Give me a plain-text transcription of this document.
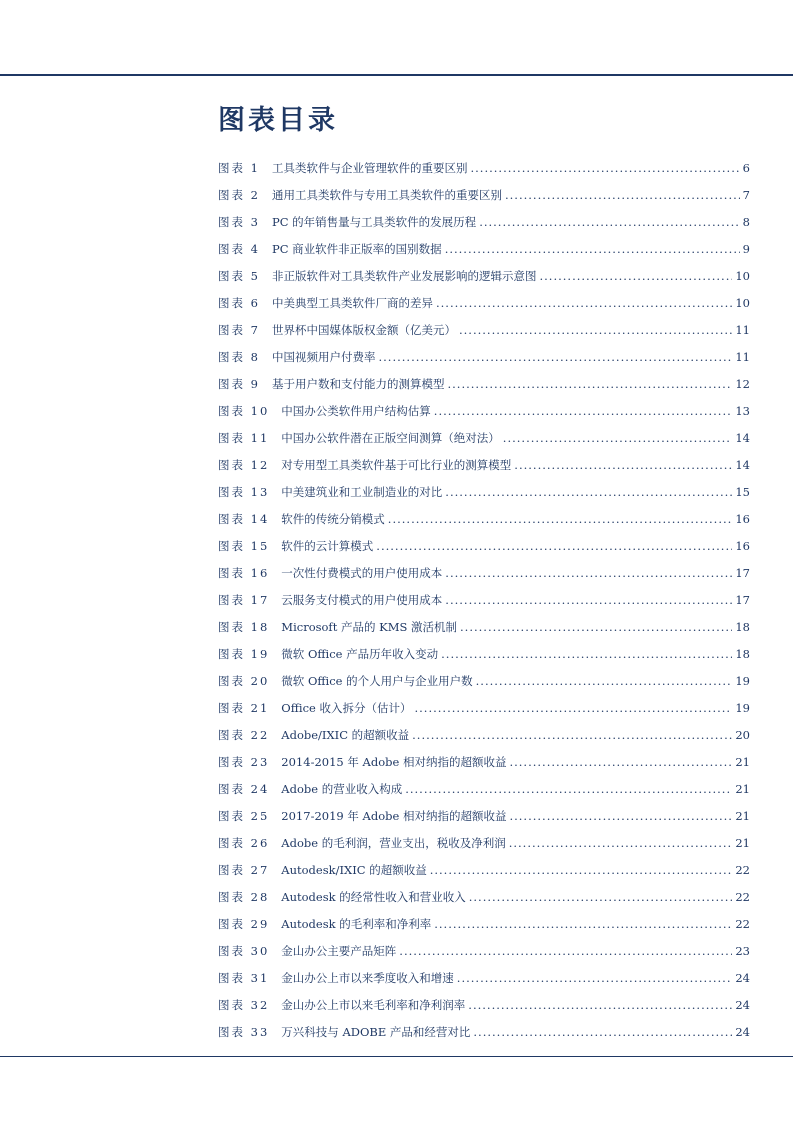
图表目录
图表 1 工具类软件与企业管理软件的重要区别 .....	6
图表 2 通用工具类软件与专用工具类软件的重要区别 .....	7
图表 3 PC 的年销售量与工具类软件的发展历程 .....	8
图表 4 PC 商业软件非正版率的国别数据 .....	9
图表 5 非正版软件对工具类软件产业发展影响的逻辑示意图 .....	10
图表 6 中美典型工具类软件厂商的差异 .....	10
图表 7 世界杯中国媒体版权金额（亿美元） .....	11
图表 8 中国视频用户付费率 .....	11
图表 9 基于用户数和支付能力的测算模型 .....	12
图表 10 中国办公类软件用户结构估算 .....	13
图表 11 中国办公软件潜在正版空间测算（绝对法） .....	14
图表 12 对专用型工具类软件基于可比行业的测算模型 .....	14
图表 13 中美建筑业和工业制造业的对比 .....	15
图表 14 软件的传统分销模式 .....	16
图表 15 软件的云计算模式 .....	16
图表 16 一次性付费模式的用户使用成本 .....	17
图表 17 云服务支付模式的用户使用成本 .....	17
图表 18 Microsoft 产品的 KMS 激活机制 .....	18
图表 19 微软 Office 产品历年收入变动 .....	18
图表 20 微软 Office 的个人用户与企业用户数 .....	19
图表 21 Office 收入拆分（估计） .....	19
图表 22 Adobe/IXIC 的超额收益 .....	20
图表 23 2014-2015 年 Adobe 相对纳指的超额收益 .....	21
图表 24 Adobe 的营业收入构成 .....	21
图表 25 2017-2019 年 Adobe 相对纳指的超额收益 .....	21
图表 26 Adobe 的毛利润，营业支出，税收及净利润 .....	21
图表 27 Autodesk/IXIC 的超额收益 .....	22
图表 28 Autodesk 的经常性收入和营业收入 .....	22
图表 29 Autodesk 的毛利率和净利率 .....	22
图表 30 金山办公主要产品矩阵 .....	23
图表 31 金山办公上市以来季度收入和增速 .....	24
图表 32 金山办公上市以来毛利率和净利润率 .....	24
图表 33 万兴科技与 ADOBE 产品和经营对比 .....	24
